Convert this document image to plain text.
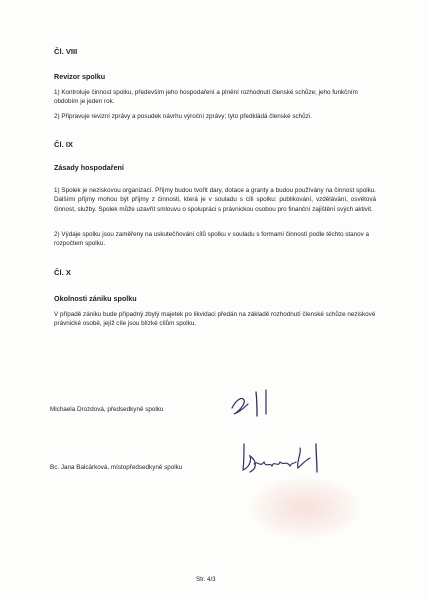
Čl. VIII
Revizor spolku
1) Kontroluje činnost spolku, především jeho hospodaření a plnění rozhodnutí členské schůze; jeho funkčním obdobím je jeden rok.
2) Připravuje revizní zprávy a posudek návrhu výroční zprávy; tyto předkládá členské schůzi.
Čl. IX
Zásady hospodaření
1) Spolek je neziskovou organizací. Příjmy budou tvořit dary, dotace a granty a budou používány na činnost spolku. Dalšími příjmy mohou být příjmy z činnosti, která je v souladu s cíli spolku: publikování, vzdělávání, osvětová činnost, služby. Spolek může uzavřít smlouvu o spolupráci s právnickou osobou pro finanční zajištění svých aktivit.
2) Výdaje spolku jsou zaměřeny na uskutečňování cílů spolku v souladu s formami činností podle těchto stanov a rozpočtem spolku.
Čl. X
Okolnosti zániku spolku
V případě zániku bude případný zbylý majetek po likvidaci předán na základě rozhodnutí členské schůze neziskové právnické osobě, jejíž cíle jsou blízké cílům spolku.
Michaela Drozdová, předsedkyně spolku
Bc. Jana Balcárková, místopředsedkyně spolku
Str. 4/3
